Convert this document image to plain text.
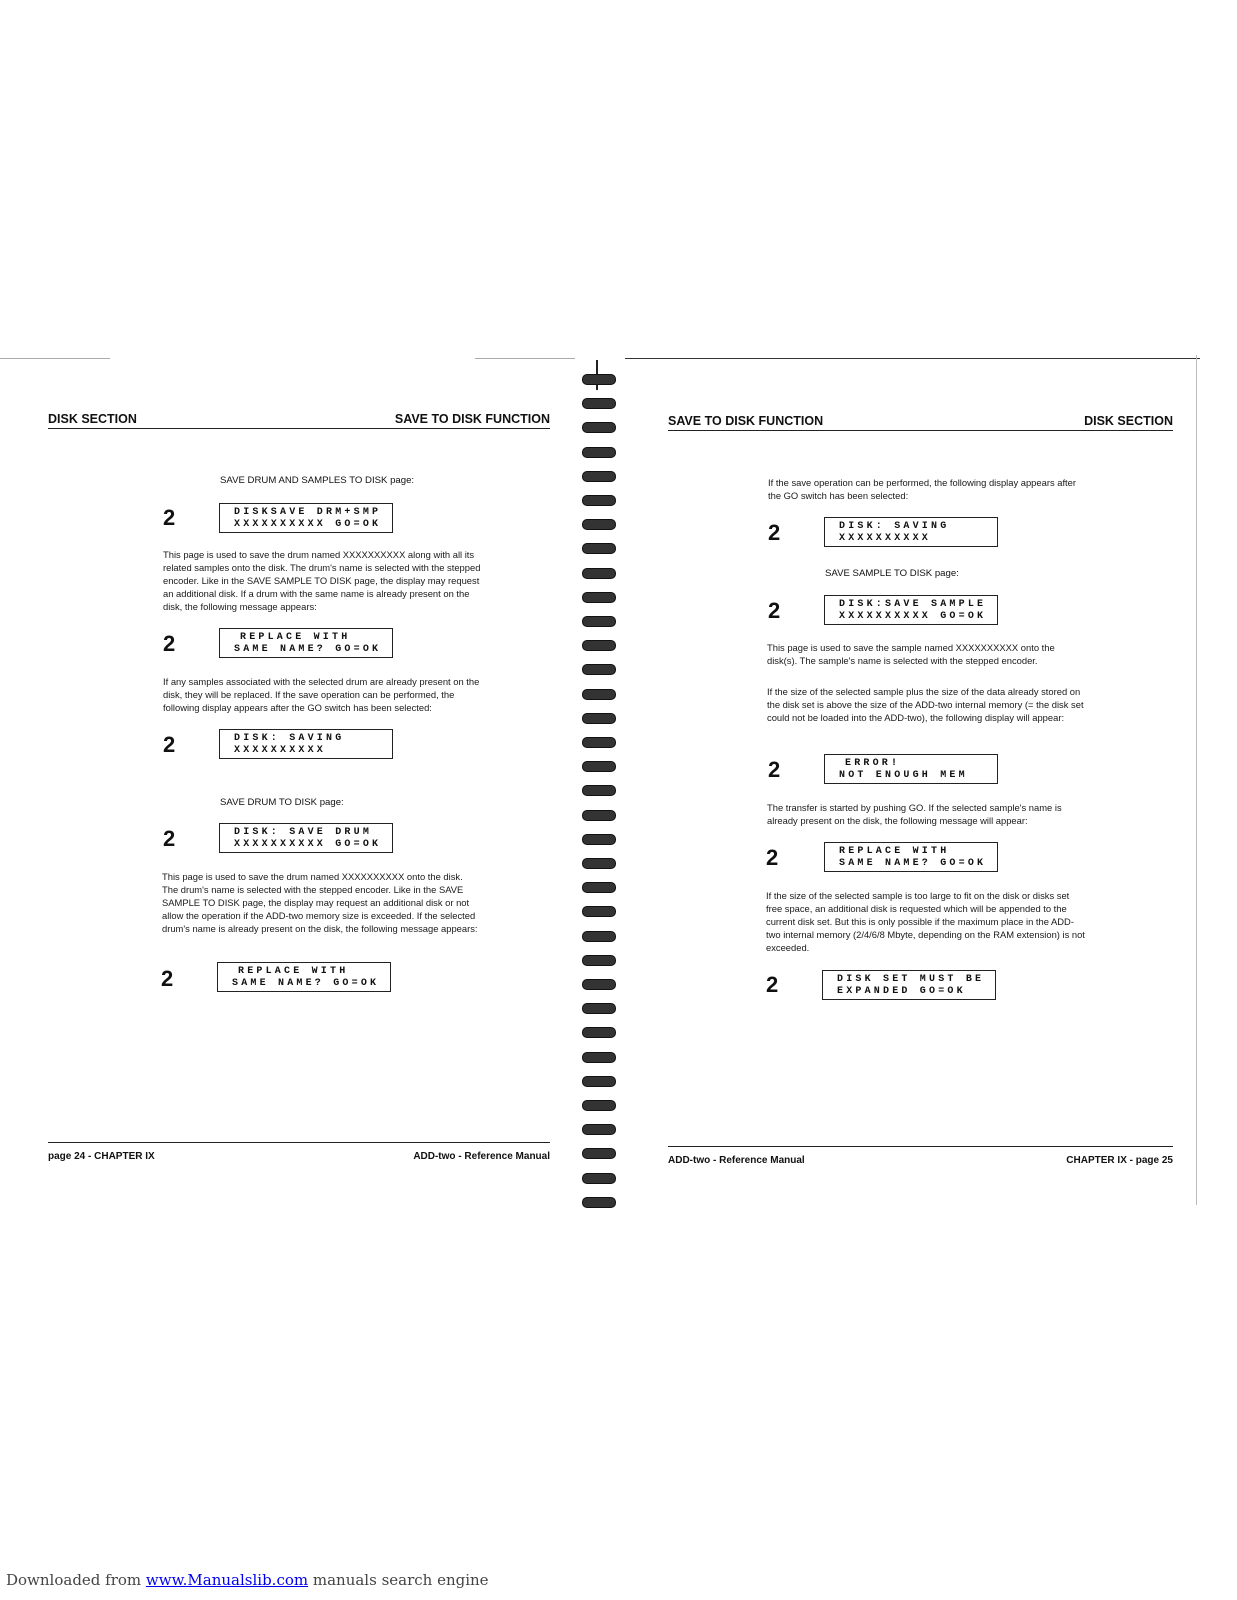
DISK SECTION	SAVE TO DISK FUNCTION
SAVE DRUM AND SAMPLES TO DISK page:
2	DISKSAVE DRM+SMP
XXXXXXXXXX GO=OK
This page is used to save the drum named XXXXXXXXXX along with all its related samples onto the disk. The drum's name is selected with the stepped encoder. Like in the SAVE SAMPLE TO DISK page, the display may request an additional disk. If a drum with the same name is already present on the disk, the following message appears:
2	REPLACE WITH
SAME NAME? GO=OK
If any samples associated with the selected drum are already present on the disk, they will be replaced. If the save operation can be performed, the following display appears after the GO switch has been selected:
2	DISK: SAVING
XXXXXXXXXX
SAVE DRUM TO DISK page:
2	DISK: SAVE DRUM
XXXXXXXXXX GO=OK
This page is used to save the drum named XXXXXXXXXX onto the disk. The drum's name is selected with the stepped encoder. Like in the SAVE SAMPLE TO DISK page, the display may request an additional disk or not allow the operation if the ADD-two memory size is exceeded. If the selected drum's name is already present on the disk, the following message appears:
2	REPLACE WITH
SAME NAME? GO=OK
page 24 - CHAPTER IX	ADD-two - Reference Manual
SAVE TO DISK FUNCTION	DISK SECTION
If the save operation can be performed, the following display appears after the GO switch has been selected:
2	DISK: SAVING
XXXXXXXXXX
SAVE SAMPLE TO DISK page:
2	DISK:SAVE SAMPLE
XXXXXXXXXX GO=OK
This page is used to save the sample named XXXXXXXXXX onto the disk(s). The sample's name is selected with the stepped encoder.
If the size of the selected sample plus the size of the data already stored on the disk set is above the size of the ADD-two internal memory (= the disk set could not be loaded into the ADD-two), the following display will appear:
2	ERROR!
NOT ENOUGH MEM
The transfer is started by pushing GO. If the selected sample's name is already present on the disk, the following message will appear:
2	REPLACE WITH
SAME NAME? GO=OK
If the size of the selected sample is too large to fit on the disk or disks set free space, an additional disk is requested which will be appended to the current disk set. But this is only possible if the maximum place in the ADD-two internal memory (2/4/6/8 Mbyte, depending on the RAM extension) is not exceeded.
2	DISK SET MUST BE
EXPANDED GO=OK
ADD-two - Reference Manual	CHAPTER IX - page 25
Downloaded from www.Manualslib.com manuals search engine
